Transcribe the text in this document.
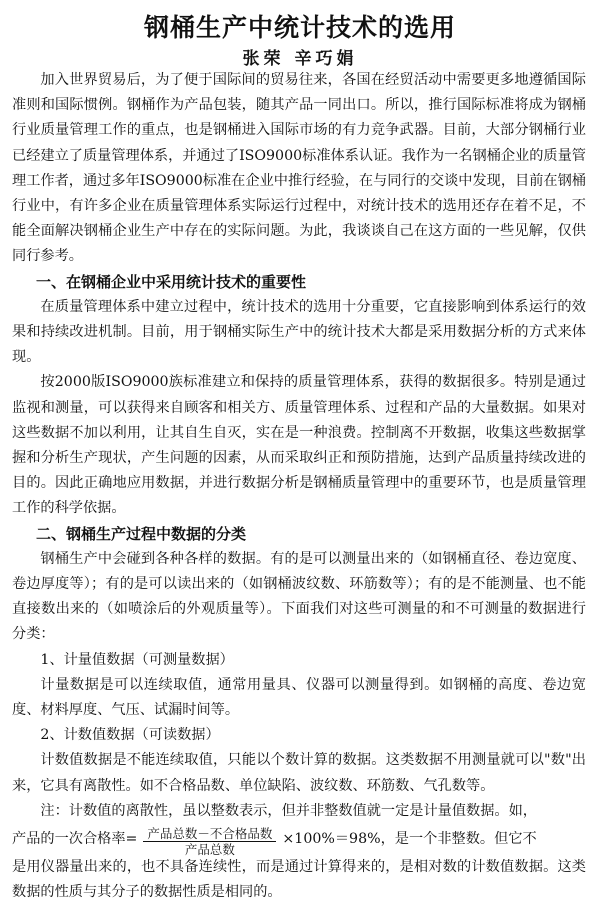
钢桶生产中统计技术的选用
张荣 辛巧娟

加入世界贸易后，为了便于国际间的贸易往来，各国在经贸活动中需要更多地遵循国际准则和国际惯例。钢桶作为产品包装，随其产品一同出口。所以，推行国际标准将成为钢桶行业质量管理工作的重点，也是钢桶进入国际市场的有力竞争武器。目前，大部分钢桶行业已经建立了质量管理体系，并通过了ISO9000标准体系认证。我作为一名钢桶企业的质量管理工作者，通过多年ISO9000标准在企业中推行经验，在与同行的交谈中发现，目前在钢桶行业中，有许多企业在质量管理体系实际运行过程中，对统计技术的选用还存在着不足，不能全面解决钢桶企业生产中存在的实际问题。为此，我谈谈自己在这方面的一些见解，仅供同行参考。

一、在钢桶企业中采用统计技术的重要性

在质量管理体系中建立过程中，统计技术的选用十分重要，它直接影响到体系运行的效果和持续改进机制。目前，用于钢桶实际生产中的统计技术大都是采用数据分析的方式来体现。

按2000版ISO9000族标准建立和保持的质量管理体系，获得的数据很多。特别是通过监视和测量，可以获得来自顾客和相关方、质量管理体系、过程和产品的大量数据。如果对这些数据不加以利用，让其自生自灭，实在是一种浪费。控制离不开数据，收集这些数据掌握和分析生产现状，产生问题的因素，从而采取纠正和预防措施，达到产品质量持续改进的目的。因此正确地应用数据，并进行数据分析是钢桶质量管理中的重要环节，也是质量管理工作的科学依据。

二、钢桶生产过程中数据的分类

钢桶生产中会碰到各种各样的数据。有的是可以测量出来的（如钢桶直径、卷边宽度、卷边厚度等）；有的是可以读出来的（如钢桶波纹数、环筋数等）；有的是不能测量、也不能直接数出来的（如喷涂后的外观质量等）。下面我们对这些可测量的和不可测量的数据进行分类：

1、计量值数据（可测量数据）

计量数据是可以连续取值，通常用量具、仪器可以测量得到。如钢桶的高度、卷边宽度、材料厚度、气压、试漏时间等。

2、计数值数据（可读数据）

计数值数据是不能连续取值，只能以个数计算的数据。这类数据不用测量就可以"数"出来，它具有离散性。如不合格品数、单位缺陷、波纹数、环筋数、气孔数等。

注：计数值的离散性，虽以整数表示，但并非整数值就一定是计量值数据。如，

产品的一次合格率= $\frac{\text{产品总数－不合格品数}}{\text{产品总数}} \times 100\%=98\%$，是一个非整数。但它不

是用仪器量出来的，也不具备连续性，而是通过计算得来的，是相对数的计数值数据。这类数据的性质与其分子的数据性质是相同的。
